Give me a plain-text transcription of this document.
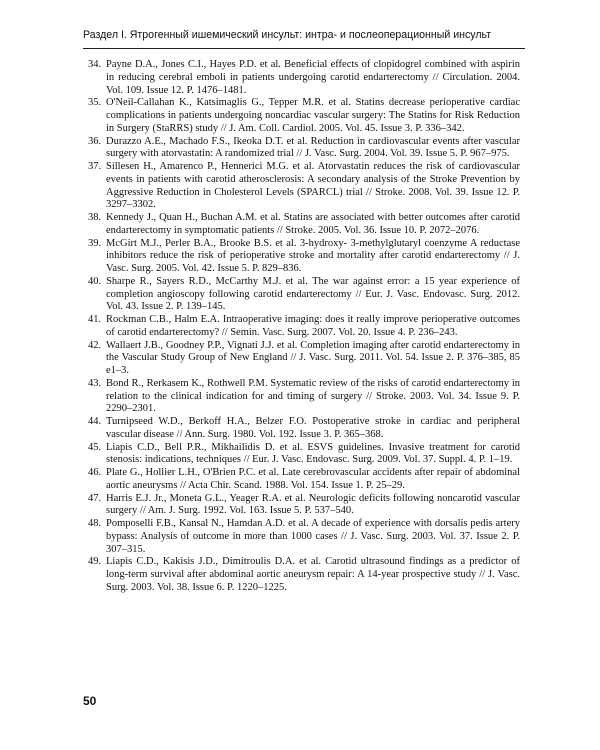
Раздел I. Ятрогенный ишемический инсульт: интра- и послеоперационный инсульт
34. Payne D.A., Jones C.I., Hayes P.D. et al. Beneficial effects of clopidogrel combined with aspirin in reducing cerebral emboli in patients undergoing carotid endarterectomy // Circulation. 2004. Vol. 109. Issue 12. P. 1476–1481.
35. O'Neil-Callahan K., Katsimaglis G., Tepper M.R. et al. Statins decrease perioperative cardiac complications in patients undergoing noncardiac vascular surgery: The Statins for Risk Reduction in Surgery (StaRRS) study // J. Am. Coll. Cardiol. 2005. Vol. 45. Issue 3. P. 336–342.
36. Durazzo A.E., Machado F.S., Ikeoka D.T. et al. Reduction in cardiovascular events after vascular surgery with atorvastatin: A randomized trial // J. Vasc. Surg. 2004. Vol. 39. Issue 5. P. 967–975.
37. Sillesen H., Amarenco P., Hennerici M.G. et al. Atorvastatin reduces the risk of cardiovascular events in patients with carotid atherosclerosis: A secondary analysis of the Stroke Prevention by Aggressive Reduction in Cholesterol Levels (SPARCL) trial // Stroke. 2008. Vol. 39. Issue 12. P. 3297–3302.
38. Kennedy J., Quan H., Buchan A.M. et al. Statins are associated with better outcomes after carotid endarterectomy in symptomatic patients // Stroke. 2005. Vol. 36. Issue 10. P. 2072–2076.
39. McGirt M.J., Perler B.A., Brooke B.S. et al. 3-hydroxy- 3-methylglutaryl coenzyme A reductase inhibitors reduce the risk of perioperative stroke and mortality after carotid endarterectomy // J. Vasc. Surg. 2005. Vol. 42. Issue 5. P. 829–836.
40. Sharpe R., Sayers R.D., McCarthy M.J. et al. The war against error: a 15 year experience of completion angioscopy following carotid endarterectomy // Eur. J. Vasc. Endovasc. Surg. 2012. Vol. 43. Issue 2. P. 139–145.
41. Rockman C.B., Halm E.A. Intraoperative imaging: does it really improve perioperative outcomes of carotid endarterectomy? // Semin. Vasc. Surg. 2007. Vol. 20. Issue 4. P. 236–243.
42. Wallaert J.B., Goodney P.P., Vignati J.J. et al. Completion imaging after carotid endarterectomy in the Vascular Study Group of New England // J. Vasc. Surg. 2011. Vol. 54. Issue 2. P. 376–385, 85 e1–3.
43. Bond R., Rerkasem K., Rothwell P.M. Systematic review of the risks of carotid endarterectomy in relation to the clinical indication for and timing of surgery // Stroke. 2003. Vol. 34. Issue 9. P. 2290–2301.
44. Turnipseed W.D., Berkoff H.A., Belzer F.O. Postoperative stroke in cardiac and peripheral vascular disease // Ann. Surg. 1980. Vol. 192. Issue 3. P. 365–368.
45. Liapis C.D., Bell P.R., Mikhailidis D. et al. ESVS guidelines. Invasive treatment for carotid stenosis: indications, techniques // Eur. J. Vasc. Endovasc. Surg. 2009. Vol. 37. Suppl. 4. P. 1–19.
46. Plate G., Hollier L.H., O'Brien P.C. et al. Late cerebrovascular accidents after repair of abdominal aortic aneurysms // Acta Chir. Scand. 1988. Vol. 154. Issue 1. P. 25–29.
47. Harris E.J. Jr., Moneta G.L., Yeager R.A. et al. Neurologic deficits following noncarotid vascular surgery // Am. J. Surg. 1992. Vol. 163. Issue 5. P. 537–540.
48. Pomposelli F.B., Kansal N., Hamdan A.D. et al. A decade of experience with dorsalis pedis artery bypass: Analysis of outcome in more than 1000 cases // J. Vasc. Surg. 2003. Vol. 37. Issue 2. P. 307–315.
49. Liapis C.D., Kakisis J.D., Dimitroulis D.A. et al. Carotid ultrasound findings as a predictor of long-term survival after abdominal aortic aneurysm repair: A 14-year prospective study // J. Vasc. Surg. 2003. Vol. 38. Issue 6. P. 1220–1225.
50
